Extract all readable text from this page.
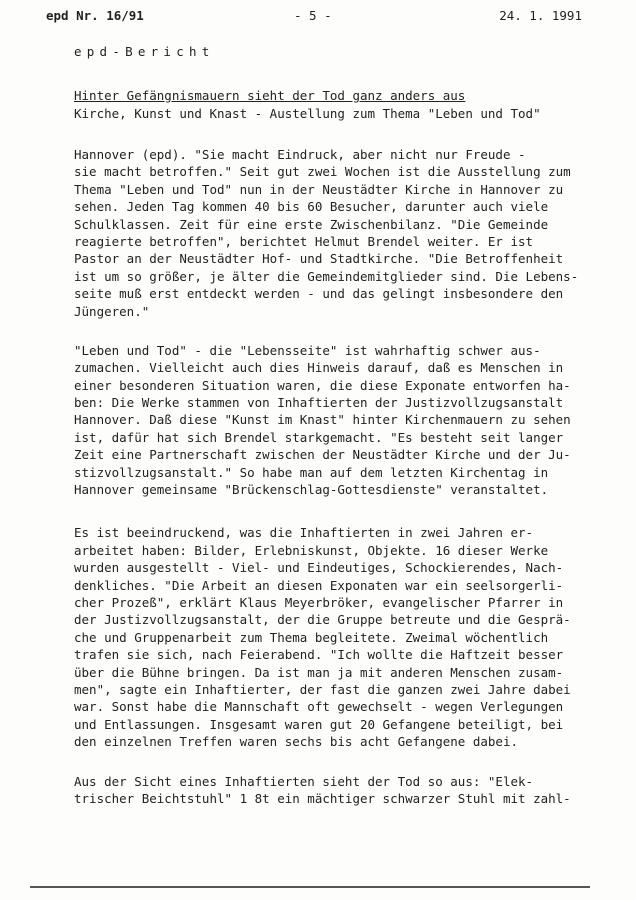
epd Nr. 16/91	- 5 -	24. 1. 1991
epd-Bericht
Hinter Gefängnismauern sieht der Tod ganz anders aus
Kirche, Kunst und Knast - Austellung zum Thema "Leben und Tod"
Hannover (epd). "Sie macht Eindruck, aber nicht nur Freude -
sie macht betroffen." Seit gut zwei Wochen ist die Ausstellung zum
Thema "Leben und Tod" nun in der Neustädter Kirche in Hannover zu
sehen. Jeden Tag kommen 40 bis 60 Besucher, darunter auch viele
Schulklassen. Zeit für eine erste Zwischenbilanz. "Die Gemeinde
reagierte betroffen", berichtet Helmut Brendel weiter. Er ist
Pastor an der Neustädter Hof- und Stadtkirche. "Die Betroffenheit
ist um so größer, je älter die Gemeindemitglieder sind. Die Lebens-
seite muß erst entdeckt werden - und das gelingt insbesondere den
Jüngeren."
"Leben und Tod" - die "Lebensseite" ist wahrhaftig schwer aus-
zumachen. Vielleicht auch dies Hinweis darauf, daß es Menschen in
einer besonderen Situation waren, die diese Exponate entworfen ha-
ben: Die Werke stammen von Inhaftierten der Justizvollzugsanstalt
Hannover. Daß diese "Kunst im Knast" hinter Kirchenmauern zu sehen
ist, dafür hat sich Brendel starkgemacht. "Es besteht seit langer
Zeit eine Partnerschaft zwischen der Neustädter Kirche und der Ju-
stizvollzugsanstalt." So habe man auf dem letzten Kirchentag in
Hannover gemeinsame "Brückenschlag-Gottesdienste" veranstaltet.
Es ist beeindruckend, was die Inhaftierten in zwei Jahren er-
arbeitet haben: Bilder, Erlebniskunst, Objekte. 16 dieser Werke
wurden ausgestellt - Viel- und Eindeutiges, Schockierendes, Nach-
denkliches. "Die Arbeit an diesen Exponaten war ein seelsorgerli-
cher Prozeß", erklärt Klaus Meyerbröker, evangelischer Pfarrer in
der Justizvollzugsanstalt, der die Gruppe betreute und die Gesprä-
che und Gruppenarbeit zum Thema begleitete. Zweimal wöchentlich
trafen sie sich, nach Feierabend. "Ich wollte die Haftzeit besser
über die Bühne bringen. Da ist man ja mit anderen Menschen zusam-
men", sagte ein Inhaftierter, der fast die ganzen zwei Jahre dabei
war. Sonst habe die Mannschaft oft gewechselt - wegen Verlegungen
und Entlassungen. Insgesamt waren gut 20 Gefangene beteiligt, bei
den einzelnen Treffen waren sechs bis acht Gefangene dabei.
Aus der Sicht eines Inhaftierten sieht der Tod so aus: "Elek-
trischer Beichtstuhl" 1 8t ein mächtiger schwarzer Stuhl mit zahl-
